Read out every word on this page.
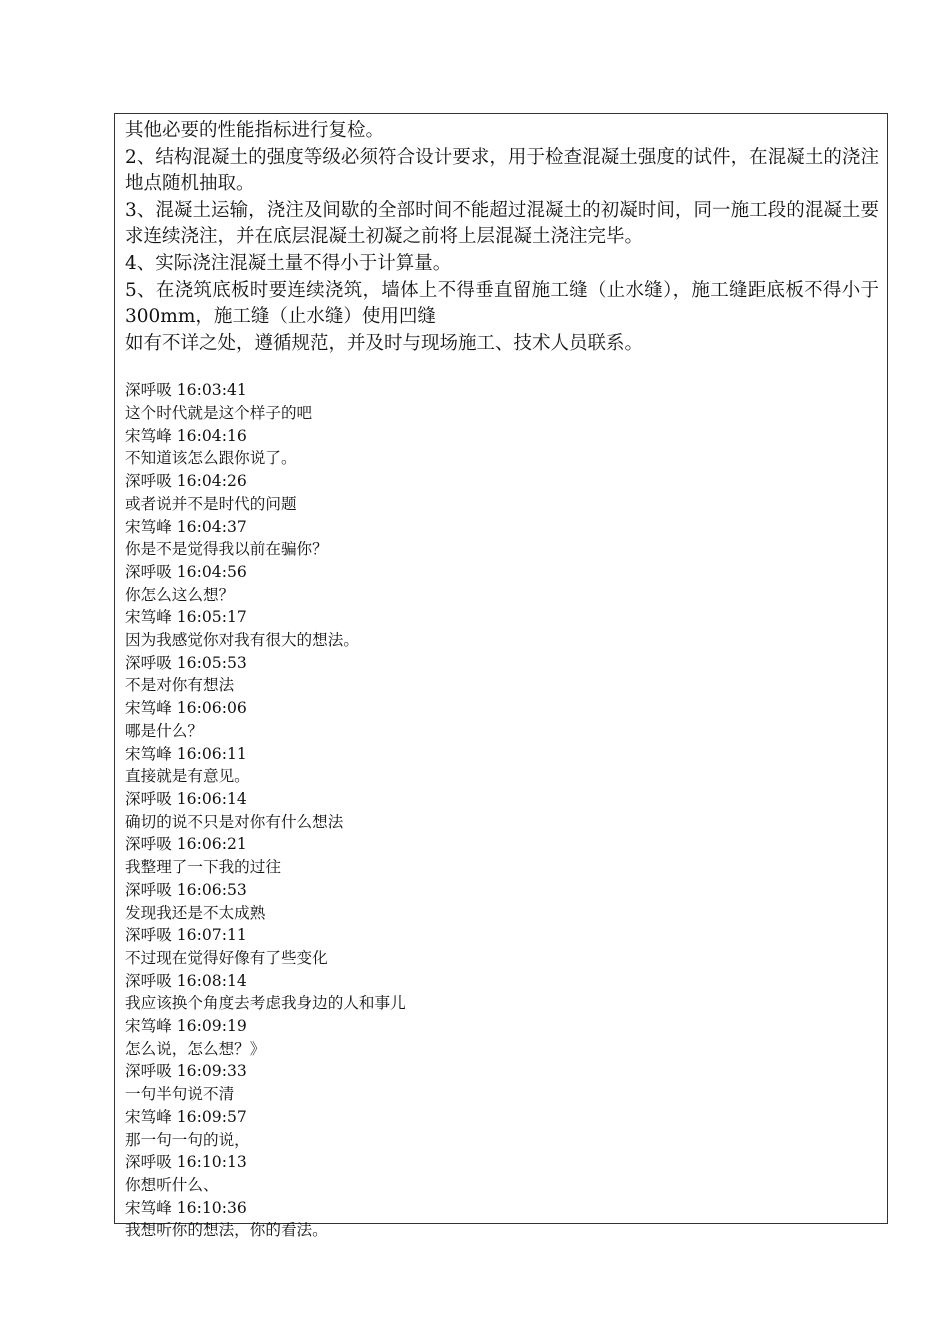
其他必要的性能指标进行复检。
2、结构混凝土的强度等级必须符合设计要求，用于检查混凝土强度的试件，在混凝土的浇注地点随机抽取。
3、混凝土运输，浇注及间歇的全部时间不能超过混凝土的初凝时间，同一施工段的混凝土要求连续浇注，并在底层混凝土初凝之前将上层混凝土浇注完毕。
4、实际浇注混凝土量不得小于计算量。
5、在浇筑底板时要连续浇筑，墙体上不得垂直留施工缝（止水缝），施工缝距底板不得小于300mm，施工缝（止水缝）使用凹缝
如有不详之处，遵循规范，并及时与现场施工、技术人员联系。
深呼吸 16:03:41
这个时代就是这个样子的吧
宋笃峰 16:04:16
不知道该怎么跟你说了。
深呼吸 16:04:26
或者说并不是时代的问题
宋笃峰 16:04:37
你是不是觉得我以前在骗你？
深呼吸 16:04:56
你怎么这么想？
宋笃峰 16:05:17
因为我感觉你对我有很大的想法。
深呼吸 16:05:53
不是对你有想法
宋笃峰 16:06:06
哪是什么？
宋笃峰 16:06:11
直接就是有意见。
深呼吸 16:06:14
确切的说不只是对你有什么想法
深呼吸 16:06:21
我整理了一下我的过往
深呼吸 16:06:53
发现我还是不太成熟
深呼吸 16:07:11
不过现在觉得好像有了些变化
深呼吸 16:08:14
我应该换个角度去考虑我身边的人和事儿
宋笃峰 16:09:19
怎么说，怎么想？》
深呼吸 16:09:33
一句半句说不清
宋笃峰 16:09:57
那一句一句的说，
深呼吸 16:10:13
你想听什么、
宋笃峰 16:10:36
我想听你的想法，你的看法。
